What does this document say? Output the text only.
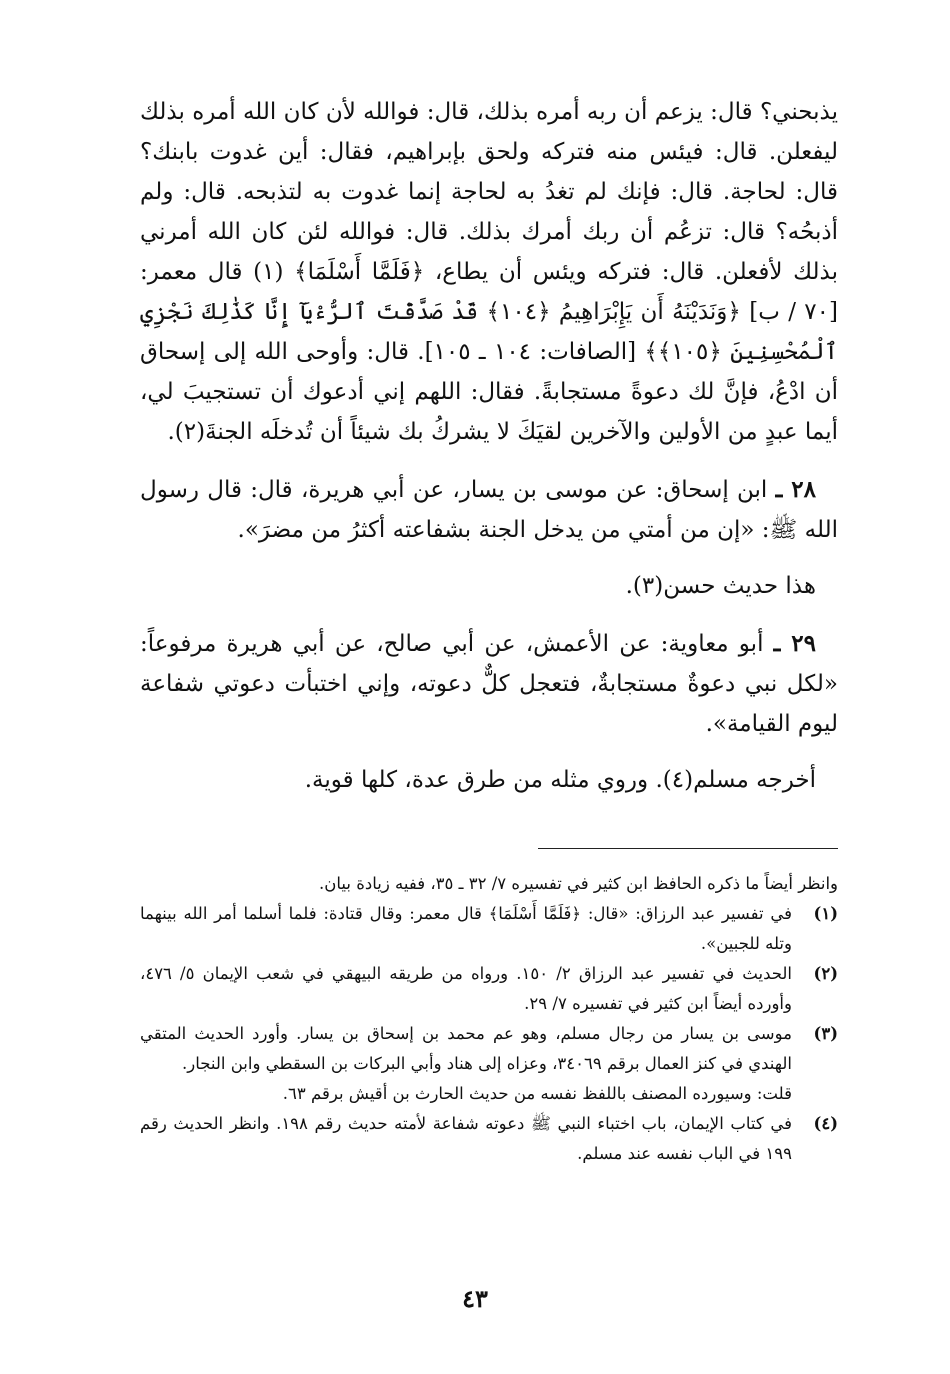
يذبحني؟ قال: يزعم أن ربه أمره بذلك، قال: فوالله لأن كان الله أمره بذلك ليفعلن. قال: فيئس منه فتركه ولحق بإبراهيم، فقال: أين غدوت بابنك؟ قال: لحاجة. قال: فإنك لم تغدُ به لحاجة إنما غدوت به لتذبحه. قال: ولم أذبحُه؟ قال: تزعُم أن ربك أمرك بذلك. قال: فوالله لئن كان الله أمرني بذلك لأفعلن. قال: فتركه ويئس أن يطاع، ﴿فَلَمَّا أَسْلَمَا﴾ (١) قال معمر: [٧٠ / ب] ﴿وَنَدَيْنَهُ أَن يَإِبْرَاهِيمُ ﴿١٠٤﴾ قَدْ صَدَّقْتَ ٱلرُّءْيَآ إِنَّا كَذَٰلِكَ نَجْزِي ٱلْمُحْسِنِينَ ﴿١٠٥﴾﴾ [الصافات: ١٠٤ ـ ١٠٥]. قال: وأوحى الله إلى إسحاق أن ادْعُ، فإنَّ لك دعوةً مستجابةً. فقال: اللهم إني أدعوك أن تستجيبَ لي، أيما عبدٍ من الأولين والآخرين لقيَكَ لا يشركُ بك شيئاً أن تُدخلَه الجنةَ(٢).

٢٨ ـ ابن إسحاق: عن موسى بن يسار، عن أبي هريرة، قال: قال رسول الله ﷺ: «إن من أمتي من يدخل الجنة بشفاعته أكثرُ من مضرَ».

هذا حديث حسن(٣).

٢٩ ـ أبو معاوية: عن الأعمش، عن أبي صالح، عن أبي هريرة مرفوعاً: «لكل نبي دعوةٌ مستجابةٌ، فتعجل كلٌّ دعوته، وإني اختبأت دعوتي شفاعة ليوم القيامة».

أخرجه مسلم(٤). وروي مثله من طرق عدة، كلها قوية.

وانظر أيضاً ما ذكره الحافظ ابن كثير في تفسيره ٧/ ٣٢ ـ ٣٥، ففيه زيادة بيان.

(١)
في تفسير عبد الرزاق: «قال: ﴿فَلَمَّا أَسْلَمَا﴾ قال معمر: وقال قتادة: فلما أسلما أمر الله بينهما وتله للجبين».
(٢)
الحديث في تفسير عبد الرزاق ٢/ ١٥٠. ورواه من طريقه البيهقي في شعب الإيمان ٥/ ٤٧٦، وأورده أيضاً ابن كثير في تفسيره ٧/ ٢٩.
(٣)
موسى بن يسار من رجال مسلم، وهو عم محمد بن إسحاق بن يسار. وأورد الحديث المتقي الهندي في كنز العمال برقم ٣٤٠٦٩، وعزاه إلى هناد وأبي البركات بن السقطي وابن النجار.

قلت: وسيورده المصنف باللفظ نفسه من حديث الحارث بن أقيش برقم ٦٣.

(٤)
في كتاب الإيمان، باب اختباء النبي ﷺ دعوته شفاعة لأمته حديث رقم ١٩٨. وانظر الحديث رقم ١٩٩ في الباب نفسه عند مسلم.
٤٣
